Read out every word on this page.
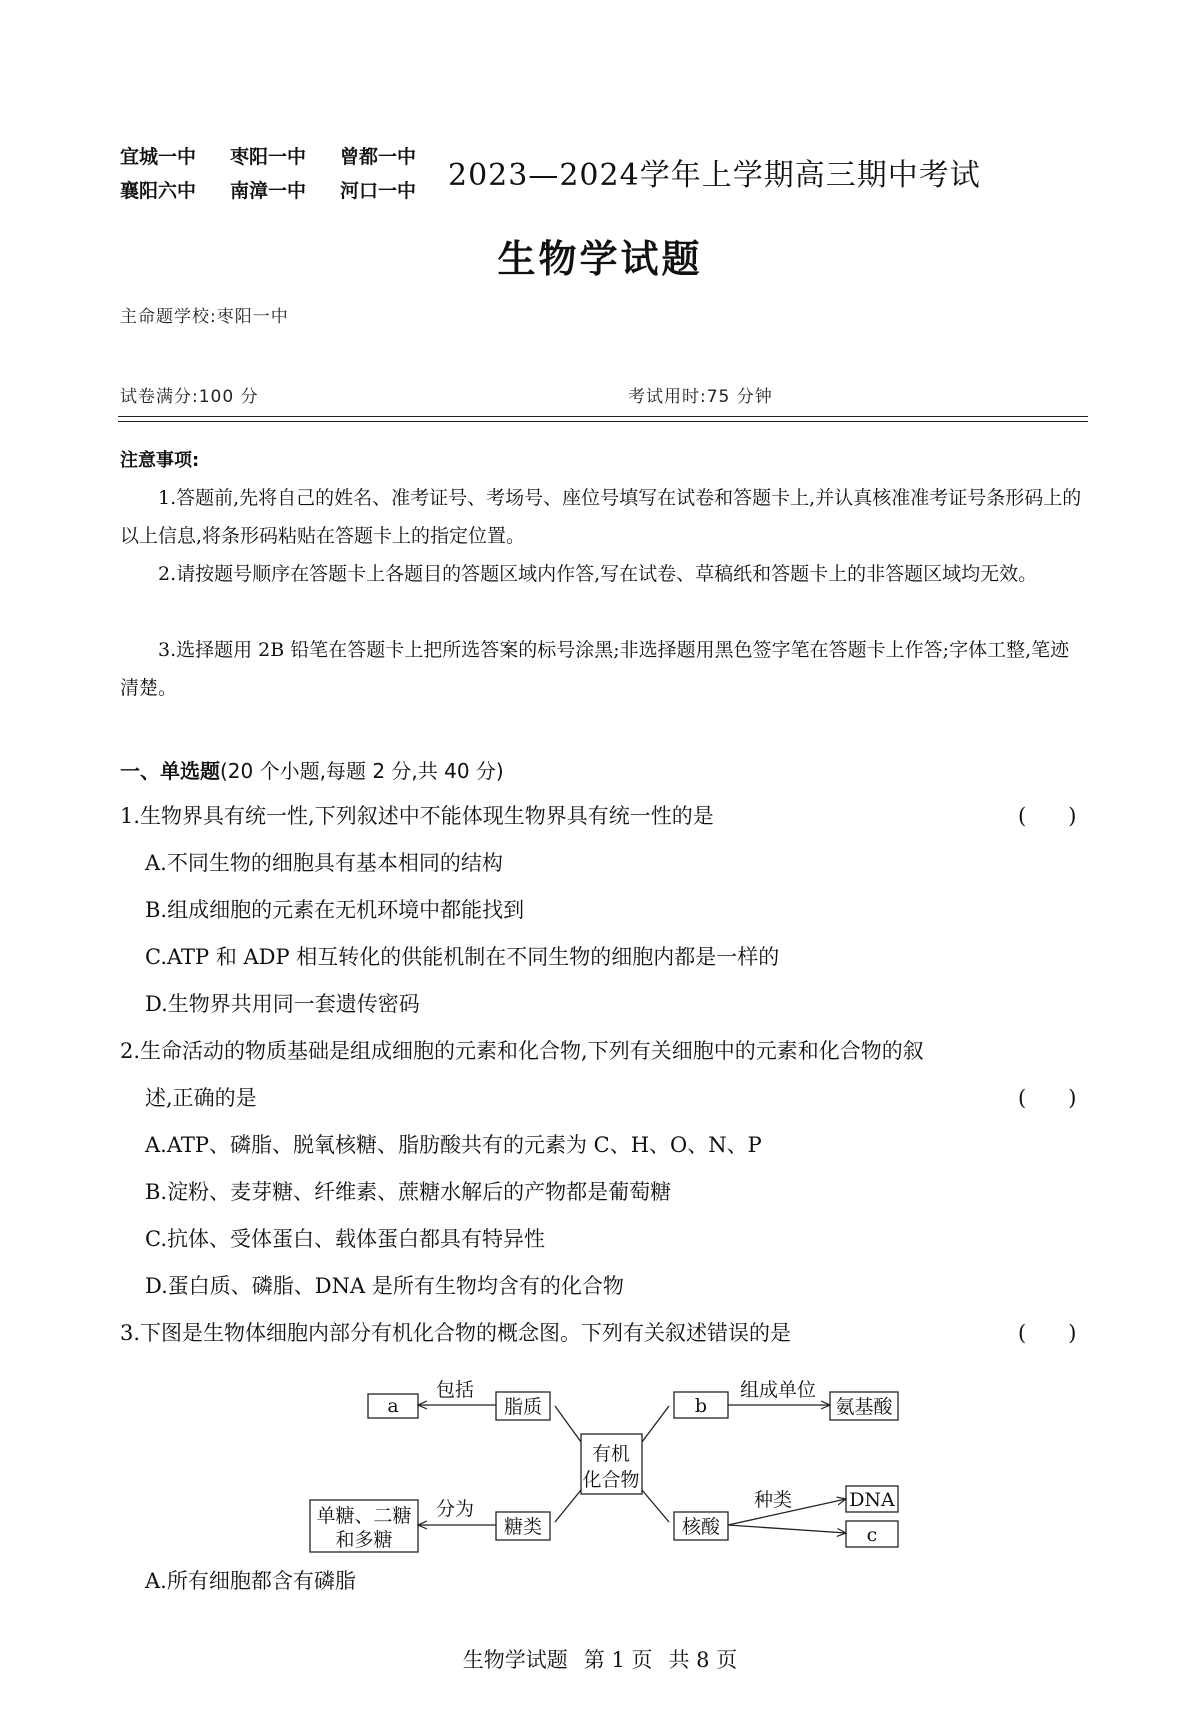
宜城一中 枣阳一中 曾都一中
襄阳六中 南漳一中 河口一中	2023—2024学年上学期高三期中考试
生物学试题
主命题学校:枣阳一中
试卷满分:100 分	考试用时:75 分钟
注意事项:
1.答题前,先将自己的姓名、准考证号、考场号、座位号填写在试卷和答题卡上,并认真核准准考证号条形码上的以上信息,将条形码粘贴在答题卡上的指定位置。
2.请按题号顺序在答题卡上各题目的答题区域内作答,写在试卷、草稿纸和答题卡上的非答题区域均无效。
3.选择题用 2B 铅笔在答题卡上把所选答案的标号涂黑;非选择题用黑色签字笔在答题卡上作答;字体工整,笔迹清楚。
一、单选题(20 个小题,每题 2 分,共 40 分)
1.生物界具有统一性,下列叙述中不能体现生物界具有统一性的是	(　　)
A.不同生物的细胞具有基本相同的结构
B.组成细胞的元素在无机环境中都能找到
C.ATP 和 ADP 相互转化的供能机制在不同生物的细胞内都是一样的
D.生物界共用同一套遗传密码
2.生命活动的物质基础是组成细胞的元素和化合物,下列有关细胞中的元素和化合物的叙
述,正确的是	(　　)
A.ATP、磷脂、脱氧核糖、脂肪酸共有的元素为 C、H、O、N、P
B.淀粉、麦芽糖、纤维素、蔗糖水解后的产物都是葡萄糖
C.抗体、受体蛋白、载体蛋白都具有特异性
D.蛋白质、磷脂、DNA 是所有生物均含有的化合物
3.下图是生物体细胞内部分有机化合物的概念图。下列有关叙述错误的是	(　　)
a	脂质
包括
b
组成单位
氨基酸
有机
化合物
单糖、二糖
和多糖
分为
糖类	核酸
种类	DNA
c
A.所有细胞都含有磷脂
生物学试题 第 1 页 共 8 页
